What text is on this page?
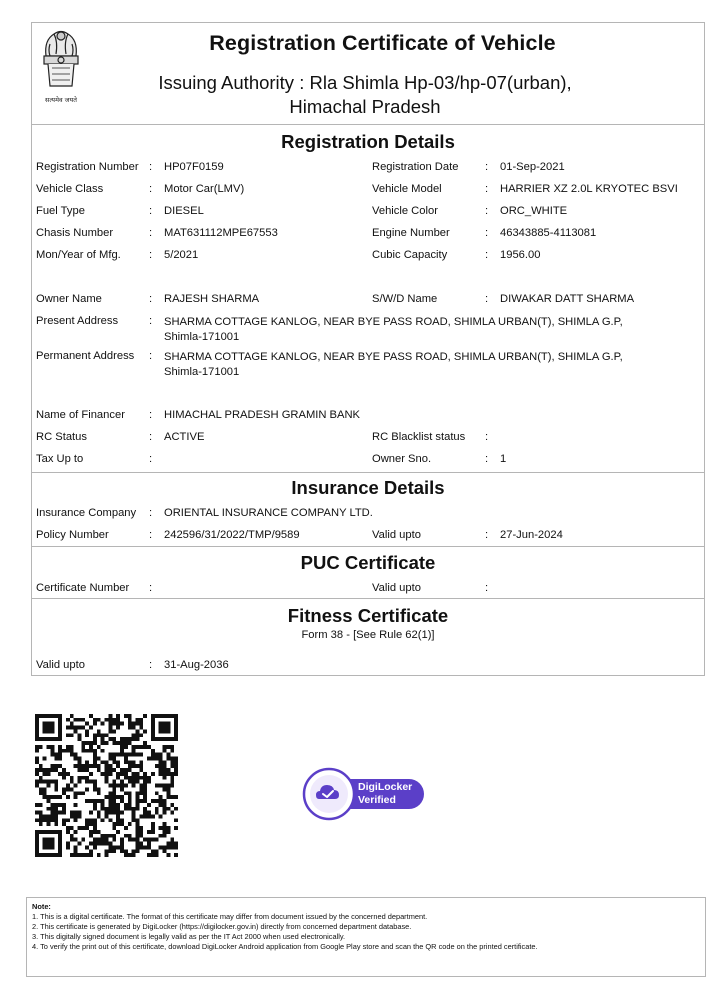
सत्यमेव जयते
Registration Certificate of Vehicle
Issuing Authority : Rla Shimla Hp-03/hp-07(urban),
Himachal Pradesh
Registration Details
Registration Number : HP07F0159	Registration Date : 01-Sep-2021
Vehicle Class	: Motor Car(LMV)	Vehicle Model	: HARRIER XZ 2.0L KRYOTEC BSVI
Fuel Type	: DIESEL	Vehicle Color	: ORC_WHITE
Chasis Number	: MAT631112MPE67553	Engine Number	: 46343885-4113081
Mon/Year of Mfg.	: 5/2021	Cubic Capacity	: 1956.00
Owner Name	: RAJESH SHARMA	S/W/D Name	: DIWAKAR DATT SHARMA
Present Address	: SHARMA COTTAGE KANLOG, NEAR BYE PASS ROAD, SHIMLA URBAN(T), SHIMLA G.P,
Shimla-171001
Permanent Address : SHARMA COTTAGE KANLOG, NEAR BYE PASS ROAD, SHIMLA URBAN(T), SHIMLA G.P,
Shimla-171001
Name of Financer : HIMACHAL PRADESH GRAMIN BANK
RC Status	: ACTIVE	RC Blacklist status :
Tax Up to	:	Owner Sno.	: 1
Insurance Details
Insurance Company : ORIENTAL INSURANCE COMPANY LTD.
Policy Number	: 242596/31/2022/TMP/9589	Valid upto	: 27-Jun-2024
PUC Certificate
Certificate Number :	Valid upto	:
Fitness Certificate
Form 38 - [See Rule 62(1)]
Valid upto	: 31-Aug-2036
DigiLocker
Verified
Note:
1. This is a digital certificate. The format of this certificate may differ from document issued by the concerned department.
2. This certificate is generated by DigiLocker (https://digilocker.gov.in) directly from concerned department database.
3. This digitally signed document is legally valid as per the IT Act 2000 when used electronically.
4. To verify the print out of this certificate, download DigiLocker Android application from Google Play store and scan the QR code on the printed certificate.
